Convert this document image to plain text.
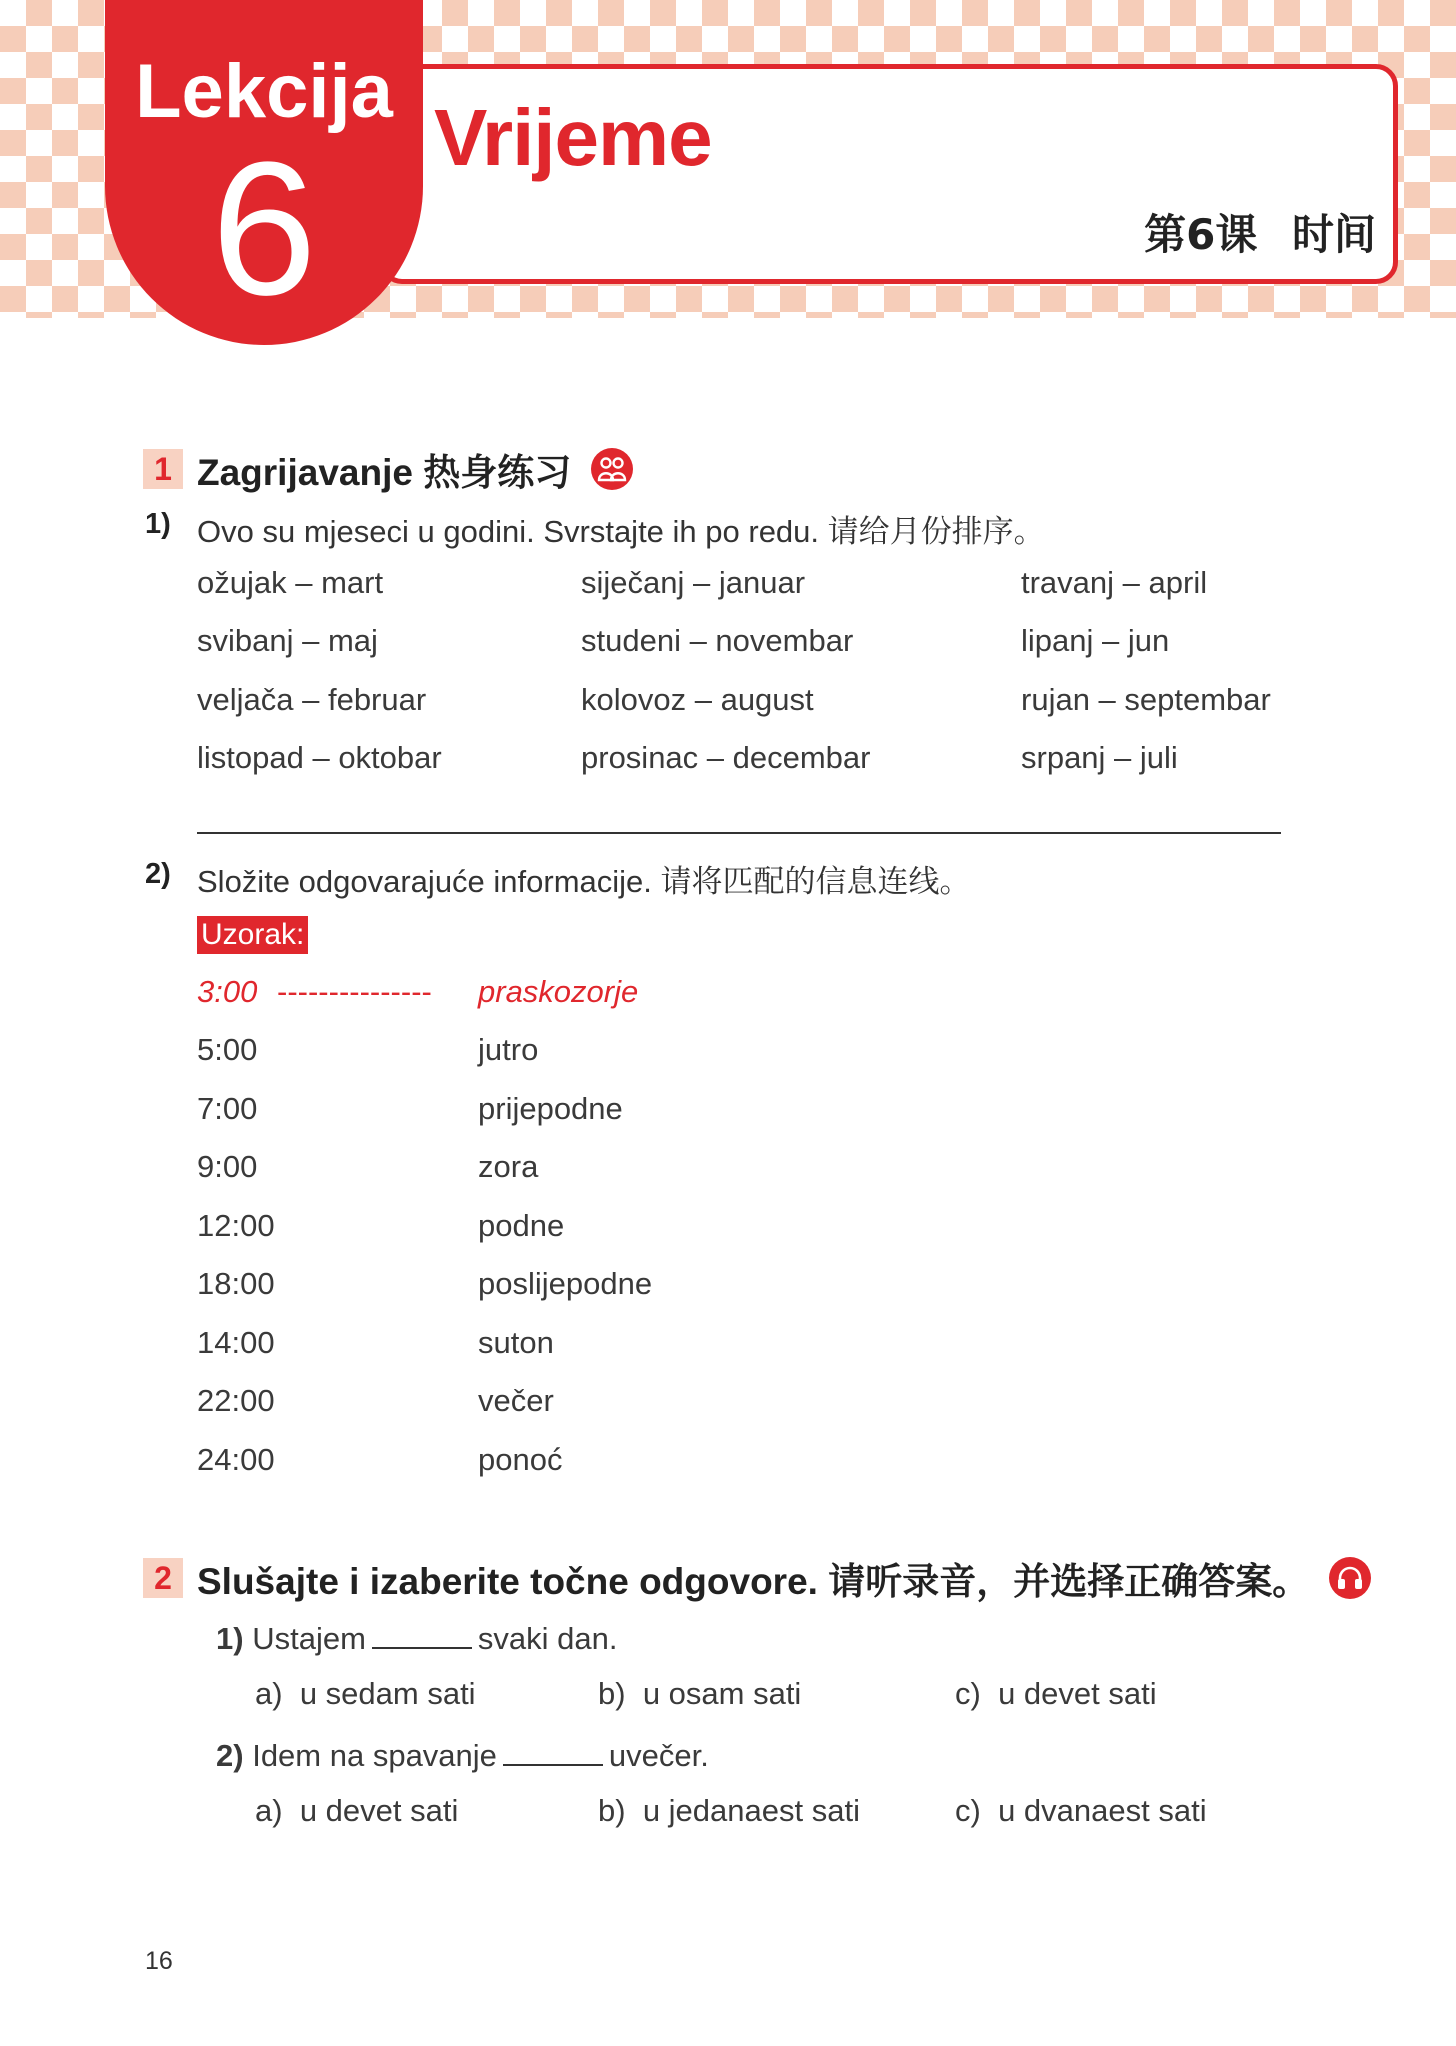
Vrijeme
第6课 时间
Lekcija
6
1 Zagrijavanje 热身练习
1) Ovo su mjeseci u godini. Svrstajte ih po redu. 请给月份排序。
ožujak – mart	siječanj – januar	travanj – april
svibanj – maj	studeni – novembar	lipanj – jun
veljača – februar	kolovoz – august	rujan – septembar
listopad – oktobar	prosinac – decembar	srpanj – juli
2) Složite odgovarajuće informacije. 请将匹配的信息连线。
Uzorak:
3:00 --------------- praskozorje
5:00	jutro
7:00	prijepodne
9:00	zora
12:00	podne
18:00	poslijepodne
14:00	suton
22:00	večer
24:00	ponoć
2 Slušajte i izaberite točne odgovore. 请听录音，并选择正确答案。
1) Ustajem	svaki dan.
a) u sedam sati	b) u osam sati	c) u devet sati
2) Idem na spavanje	uvečer.
a) u devet sati	b) u jedanaest sati	c) u dvanaest sati
16
